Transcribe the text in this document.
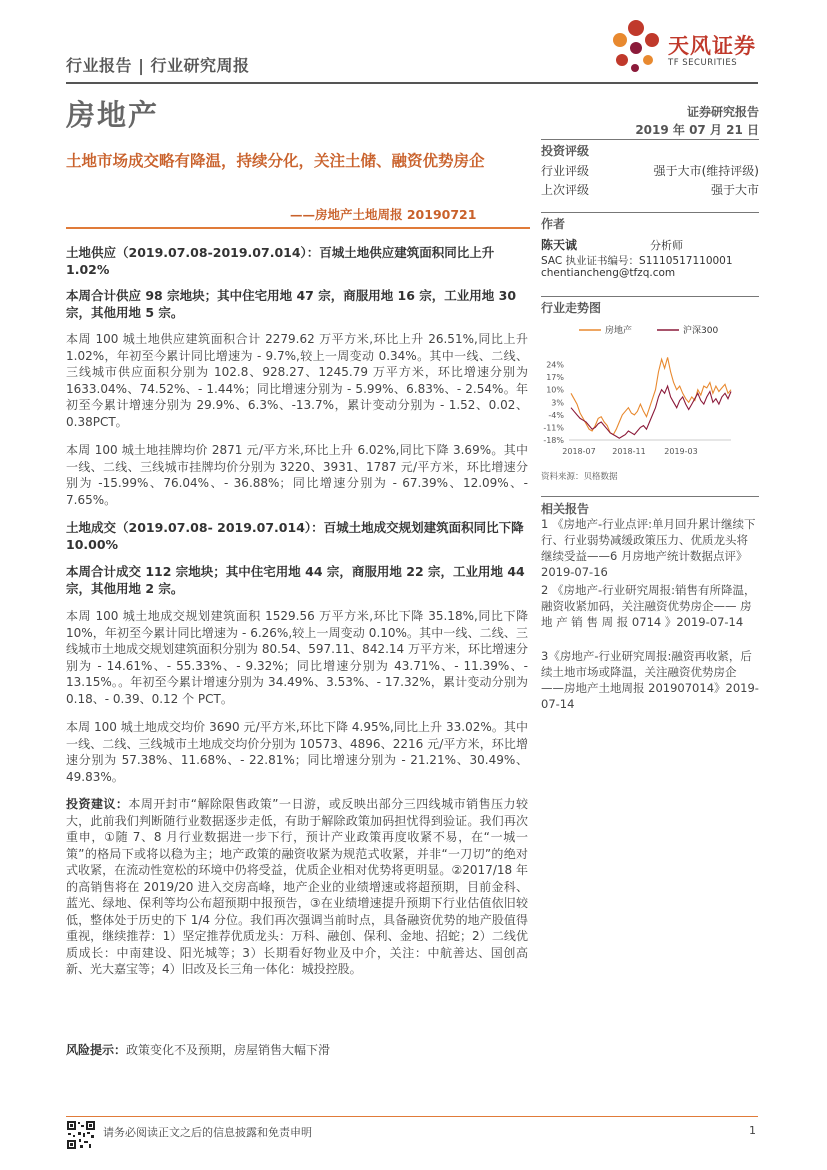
行业报告 | 行业研究周报
天风证券
TF SECURITIES
房地产
土地市场成交略有降温，持续分化，关注土储、融资优势房企
——房地产土地周报 20190721
证券研究报告
2019 年 07 月 21 日
投资评级
行业评级	强于大市(维持评级)
上次评级	强于大市
作者
陈天诚	分析师
SAC 执业证书编号：S1110517110001
chentiancheng@tfzq.com
行业走势图
房地产	沪深300
24%
17%
10%
3%
-4%
-11%
-18%
2018-07 2018-11 2019-03
资料来源：贝格数据
相关报告
1 《房地产-行业点评:单月回升累计继续下行、行业弱势减缓政策压力、优质龙头将继续受益——6 月房地产统计数据点评》 2019-07-16
2 《房地产-行业研究周报:销售有所降温，融资收紧加码，关注融资优势房企—— 房 地 产 销 售 周 报 0714 》2019-07-14
3《房地产-行业研究周报:融资再收紧，后续土地市场或降温，关注融资优势房企——房地产土地周报 201907014》2019-07-14
土地供应（2019.07.08-2019.07.014）：百城土地供应建筑面积同比上升 1.02%
本周合计供应 98 宗地块；其中住宅用地 47 宗，商服用地 16 宗，工业用地 30 宗，其他用地 5 宗。
本周 100 城土地供应建筑面积合计 2279.62 万平方米,环比上升 26.51%,同比上升 1.02%，年初至今累计同比增速为 - 9.7%,较上一周变动 0.34%。其中一线、二线、三线城市供应面积分别为 102.8、928.27、1245.79 万平方米，环比增速分别为 1633.04%、74.52%、- 1.44%；同比增速分别为 - 5.99%、6.83%、- 2.54%。年初至今累计增速分别为 29.9%、6.3%、-13.7%，累计变动分别为 - 1.52、0.02、0.38PCT。
本周 100 城土地挂牌均价 2871 元/平方米,环比上升 6.02%,同比下降 3.69%。其中一线、二线、三线城市挂牌均价分别为 3220、3931、1787 元/平方米，环比增速分别为 -15.99%、76.04%、- 36.88%；同比增速分别为 - 67.39%、12.09%、- 7.65%。
土地成交（2019.07.08- 2019.07.014）：百城土地成交规划建筑面积同比下降 10.00%
本周合计成交 112 宗地块；其中住宅用地 44 宗，商服用地 22 宗，工业用地 44 宗，其他用地 2 宗。
本周 100 城土地成交规划建筑面积 1529.56 万平方米,环比下降 35.18%,同比下降 10%，年初至今累计同比增速为 - 6.26%,较上一周变动 0.10%。其中一线、二线、三线城市土地成交规划建筑面积分别为 80.54、597.11、842.14 万平方米，环比增速分别为 - 14.61%、- 55.33%、- 9.32%；同比增速分别为 43.71%、- 11.39%、- 13.15%。。年初至今累计增速分别为 34.49%、3.53%、- 17.32%，累计变动分别为 0.18、- 0.39、0.12 个 PCT。
本周 100 城土地成交均价 3690 元/平方米,环比下降 4.95%,同比上升 33.02%。其中一线、二线、三线城市土地成交均价分别为 10573、4896、2216 元/平方米，环比增速分别为 57.38%、11.68%、- 22.81%；同比增速分别为 - 21.21%、30.49%、49.83%。
投资建议：本周开封市“解除限售政策”一日游，或反映出部分三四线城市销售压力较大，此前我们判断随行业数据逐步走低，有助于解除政策加码担忧得到验证。我们再次重申，①随 7、8 月行业数据进一步下行，预计产业政策再度收紧不易，在“一城一策”的格局下或将以稳为主；地产政策的融资收紧为规范式收紧，并非“一刀切”的绝对式收紧，在流动性宽松的环境中仍将受益，优质企业相对优势将更明显。②2017/18 年的高销售将在 2019/20 进入交房高峰，地产企业的业绩增速或将超预期，目前金科、蓝光、绿地、保利等均公布超预期中报预告，③在业绩增速提升预期下行业估值依旧较低，整体处于历史的下 1/4 分位。我们再次强调当前时点，具备融资优势的地产股值得重视，继续推荐：1）坚定推荐优质龙头：万科、融创、保利、金地、招蛇；2）二线优质成长：中南建设、阳光城等；3）长期看好物业及中介，关注：中航善达、国创高新、光大嘉宝等；4）旧改及长三角一体化：城投控股。
风险提示：政策变化不及预期，房屋销售大幅下滑
请务必阅读正文之后的信息披露和免责申明	1
